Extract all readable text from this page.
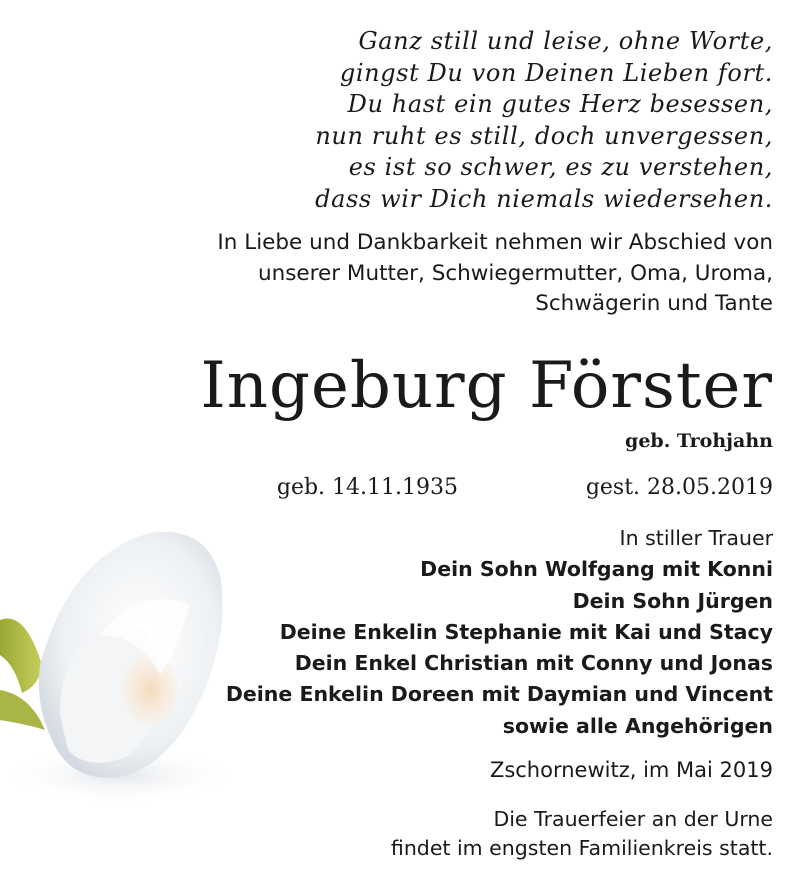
Ganz still und leise, ohne Worte,
gingst Du von Deinen Lieben fort.
Du hast ein gutes Herz besessen,
nun ruht es still, doch unvergessen,
es ist so schwer, es zu verstehen,
dass wir Dich niemals wiedersehen.
In Liebe und Dankbarkeit nehmen wir Abschied von
unserer Mutter, Schwiegermutter, Oma, Uroma,
Schwägerin und Tante
Ingeburg Förster
geb. Trohjahn
geb. 14.11.1935	gest. 28.05.2019
In stiller Trauer
Dein Sohn Wolfgang mit Konni
Dein Sohn Jürgen
Deine Enkelin Stephanie mit Kai und Stacy
Dein Enkel Christian mit Conny und Jonas
Deine Enkelin Doreen mit Daymian und Vincent
sowie alle Angehörigen
Zschornewitz, im Mai 2019
Die Trauerfeier an der Urne
findet im engsten Familienkreis statt.
